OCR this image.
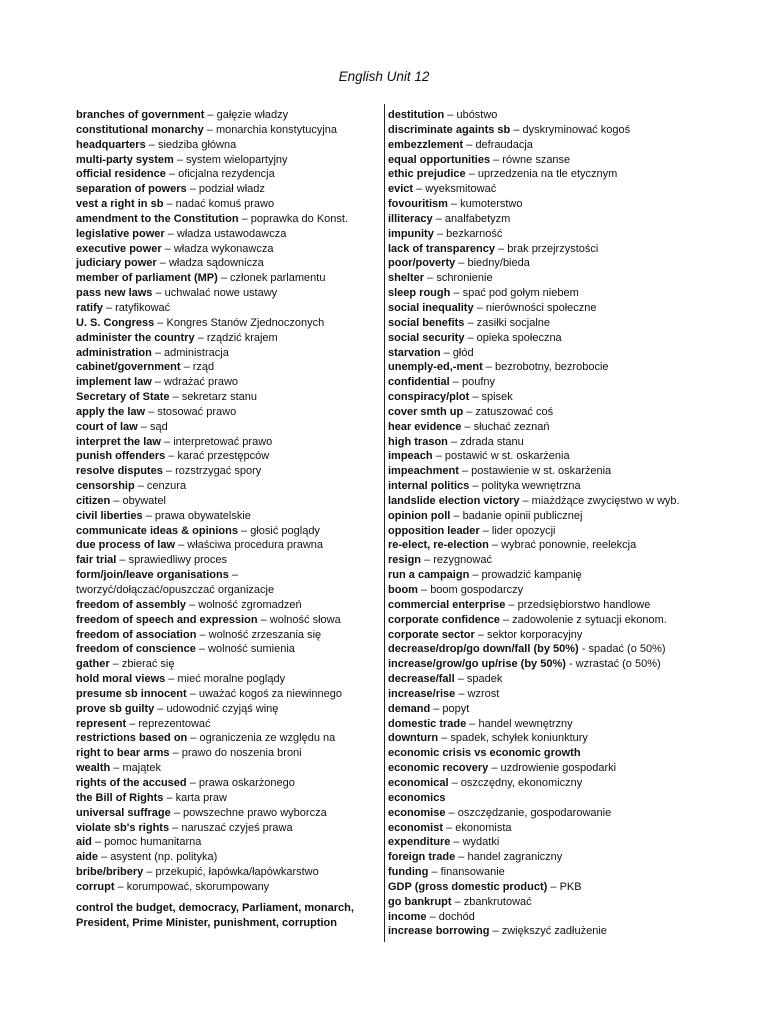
English Unit 12
branches of government – gałęzie władzy
constitutional monarchy – monarchia konstytucyjna
headquarters – siedziba główna
multi-party system – system wielopartyjny
official residence – oficjalna rezydencja
separation of powers – podział władz
vest a right in sb – nadać komuś prawo
amendment to the Constitution – poprawka do Konst.
legislative power – władza ustawodawcza
executive power – władza wykonawcza
judiciary power – władza sądownicza
member of parliament (MP) – członek parlamentu
pass new laws – uchwalać nowe ustawy
ratify – ratyfikować
U. S. Congress – Kongres Stanów Zjednoczonych
administer the country – rządzić krajem
administration – administracja
cabinet/government – rząd
implement law – wdrażać prawo
Secretary of State – sekretarz stanu
apply the law – stosować prawo
court of law – sąd
interpret the law – interpretować prawo
punish offenders – karać przestępców
resolve disputes – rozstrzygać spory
censorship – cenzura
citizen – obywatel
civil liberties – prawa obywatelskie
communicate ideas & opinions – głosić poglądy
due process of law – właściwa procedura prawna
fair trial – sprawiedliwy proces
form/join/leave organisations –
tworzyć/dołączać/opuszczać organizacje
freedom of assembly – wolność zgromadzeń
freedom of speech and expression – wolność słowa
freedom of association – wolność zrzeszania się
freedom of conscience – wolność sumienia
gather – zbierać się
hold moral views – mieć moralne poglądy
presume sb innocent – uważać kogoś za niewinnego
prove sb guilty – udowodnić czyjąś winę
represent – reprezentować
restrictions based on – ograniczenia ze względu na
right to bear arms – prawo do noszenia broni
wealth – majątek
rights of the accused – prawa oskarżonego
the Bill of Rights – karta praw
universal suffrage – powszechne prawo wyborcza
violate sb's rights – naruszać czyjeś prawa
aid – pomoc humanitarna
aide – asystent (np. polityka)
bribe/bribery – przekupić, łapówka/łapówkarstwo
corrupt – korumpować, skorumpowany
control the budget, democracy, Parliament, monarch,
President, Prime Minister, punishment, corruption
destitution – ubóstwo
discriminate againts sb – dyskryminować kogoś
embezzlement – defraudacja
equal opportunities – równe szanse
ethic prejudice – uprzedzenia na tle etycznym
evict – wyeksmitować
fovouritism – kumoterstwo
illiteracy – analfabetyzm
impunity – bezkarność
lack of transparency – brak przejrzystości
poor/poverty – biedny/bieda
shelter – schronienie
sleep rough – spać pod gołym niebem
social inequality – nierówności społeczne
social benefits – zasiłki socjalne
social security – opieka społeczna
starvation – głód
unemply-ed,-ment – bezrobotny, bezrobocie
confidential – poufny
conspiracy/plot – spisek
cover smth up – zatuszować coś
hear evidence – słuchać zeznań
high trason – zdrada stanu
impeach – postawić w st. oskarżenia
impeachment – postawienie w st. oskarżenia
internal politics – polityka wewnętrzna
landslide election victory – miażdżące zwycięstwo w wyb.
opinion poll – badanie opinii publicznej
opposition leader – lider opozycji
re-elect, re-election – wybrać ponownie, reelekcja
resign – rezygnować
run a campaign – prowadzić kampanię
boom – boom gospodarczy
commercial enterprise – przedsiębiorstwo handlowe
corporate confidence – zadowolenie z sytuacji ekonom.
corporate sector – sektor korporacyjny
decrease/drop/go down/fall (by 50%) - spadać (o 50%)
increase/grow/go up/rise (by 50%) - wzrastać (o 50%)
decrease/fall – spadek
increase/rise – wzrost
demand – popyt
domestic trade – handel wewnętrzny
downturn – spadek, schyłek koniunktury
economic crisis vs economic growth
economic recovery – uzdrowienie gospodarki
economical – oszczędny, ekonomiczny
economics
economise – oszczędzanie, gospodarowanie
economist – ekonomista
expenditure – wydatki
foreign trade – handel zagraniczny
funding – finansowanie
GDP (gross domestic product) – PKB
go bankrupt – zbankrutować
income – dochód
increase borrowing – zwiększyć zadłużenie
